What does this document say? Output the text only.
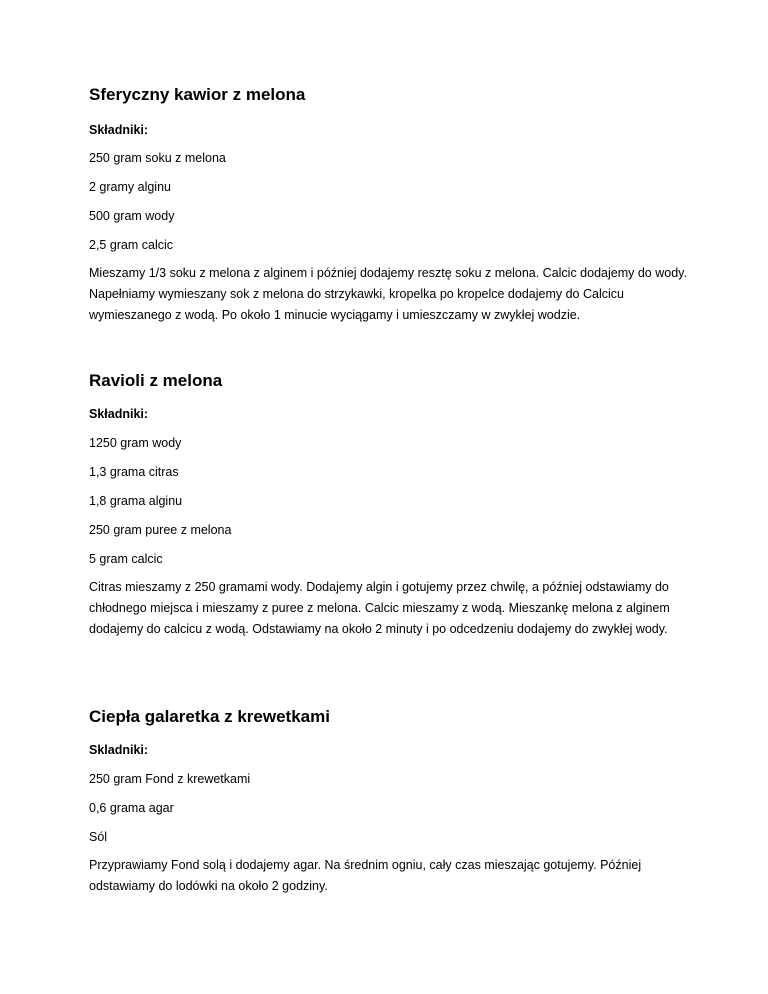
Sferyczny kawior z melona

Składniki:

250 gram soku z melona

2 gramy alginu

500 gram wody

2,5 gram calcic

Mieszamy 1/3 soku z melona z alginem i później dodajemy resztę soku z melona. Calcic dodajemy do wody. Napełniamy wymieszany sok z melona do strzykawki, kropelka po kropelce dodajemy do Calcicu wymieszanego z wodą. Po około 1 minucie wyciągamy i umieszczamy w zwykłej wodzie.

Ravioli z melona

Składniki:

1250 gram wody

1,3 grama citras

1,8 grama alginu

250 gram puree z melona

5 gram calcic

Citras mieszamy z 250 gramami wody. Dodajemy algin i gotujemy przez chwilę, a później odstawiamy do chłodnego miejsca i mieszamy z puree z melona. Calcic mieszamy z wodą. Mieszankę melona z alginem dodajemy do calcicu z wodą. Odstawiamy na około 2 minuty i po odcedzeniu dodajemy do zwykłej wody.

Ciepła galaretka z krewetkami

Skladniki:

250 gram Fond z krewetkami

0,6 grama agar

Sól

Przyprawiamy Fond solą i dodajemy agar. Na średnim ogniu, cały czas mieszając gotujemy. Później odstawiamy do lodówki na około 2 godziny.
